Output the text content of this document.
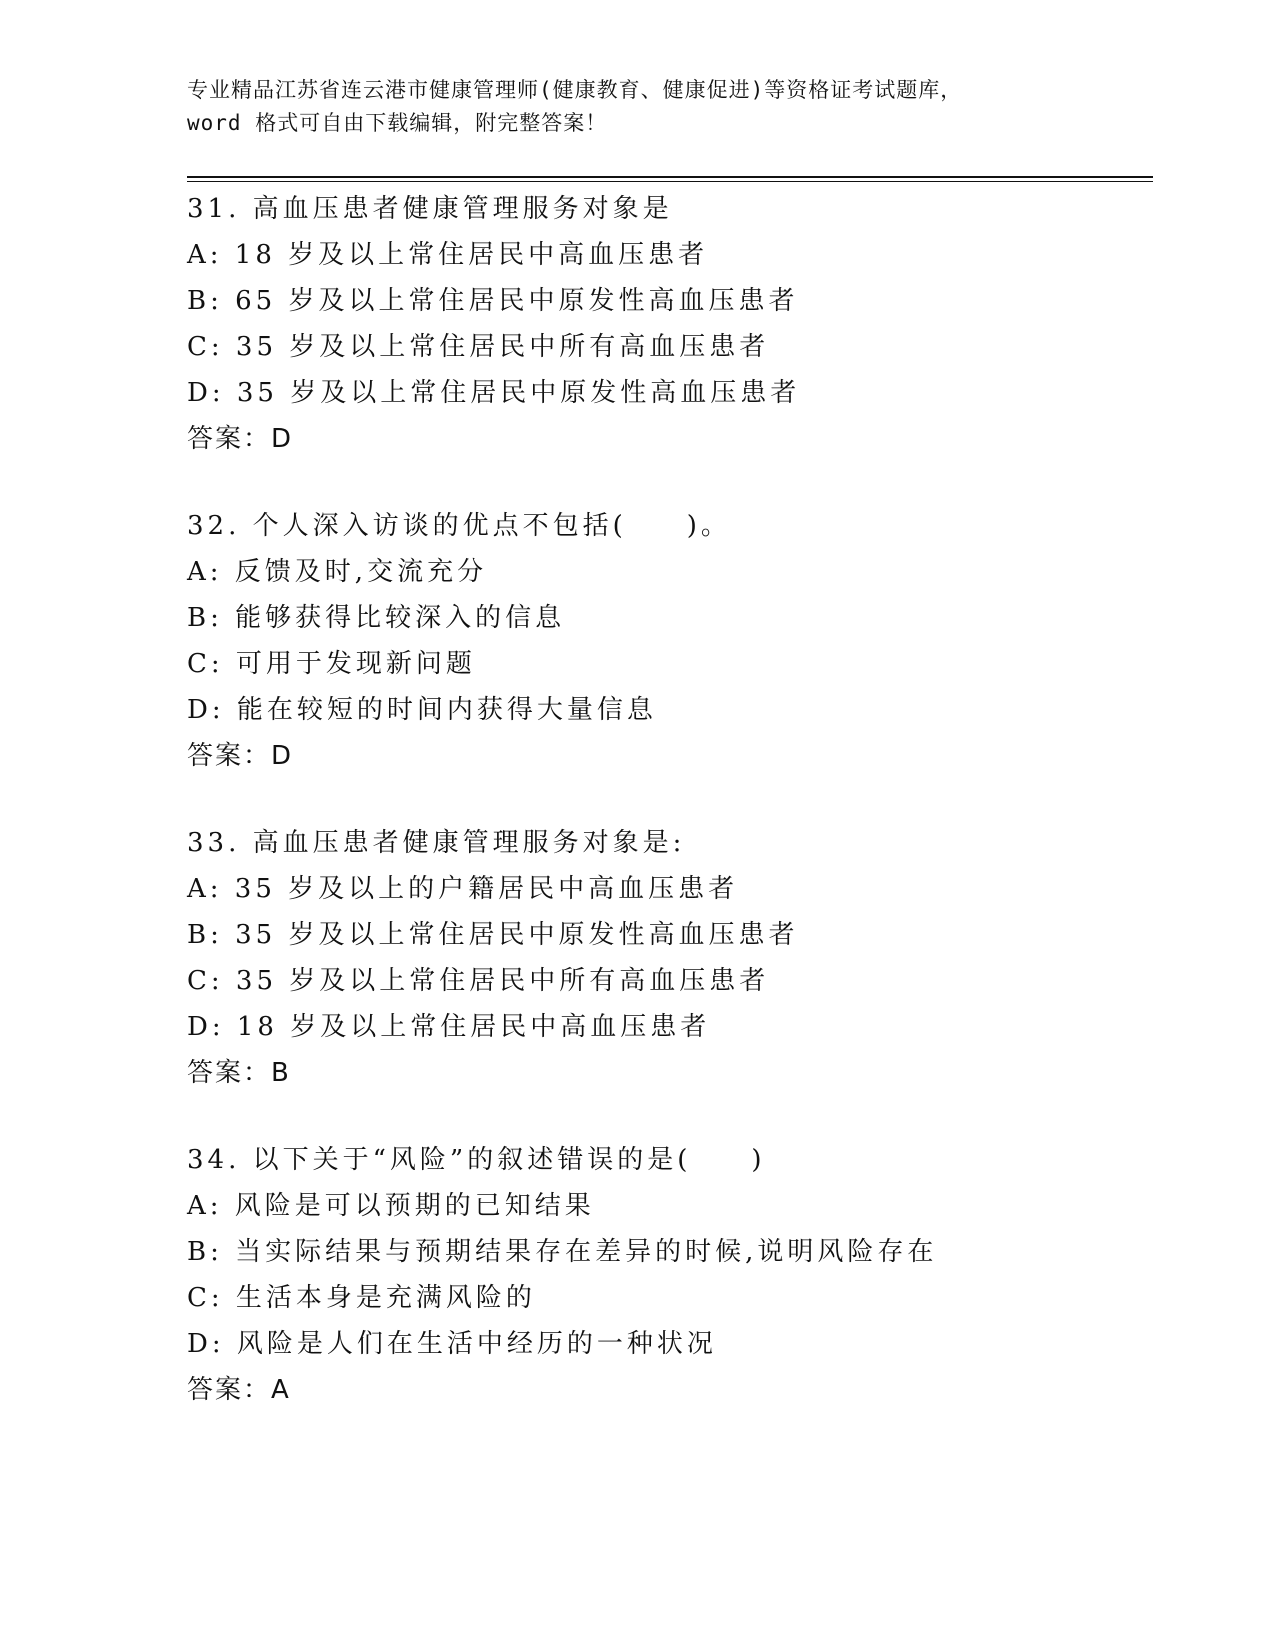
专业精品江苏省连云港市健康管理师(健康教育、健康促进)等资格证考试题库，
word 格式可自由下载编辑，附完整答案！
31. 高血压患者健康管理服务对象是
A: 18 岁及以上常住居民中高血压患者
B: 65 岁及以上常住居民中原发性高血压患者
C: 35 岁及以上常住居民中所有高血压患者
D: 35 岁及以上常住居民中原发性高血压患者
答案：D
32. 个人深入访谈的优点不包括(　　)。
A: 反馈及时,交流充分
B: 能够获得比较深入的信息
C: 可用于发现新问题
D: 能在较短的时间内获得大量信息
答案：D
33. 高血压患者健康管理服务对象是:
A: 35 岁及以上的户籍居民中高血压患者
B: 35 岁及以上常住居民中原发性高血压患者
C: 35 岁及以上常住居民中所有高血压患者
D: 18 岁及以上常住居民中高血压患者
答案：B
34. 以下关于“风险”的叙述错误的是(　　)
A: 风险是可以预期的已知结果
B: 当实际结果与预期结果存在差异的时候,说明风险存在
C: 生活本身是充满风险的
D: 风险是人们在生活中经历的一种状况
答案：A
